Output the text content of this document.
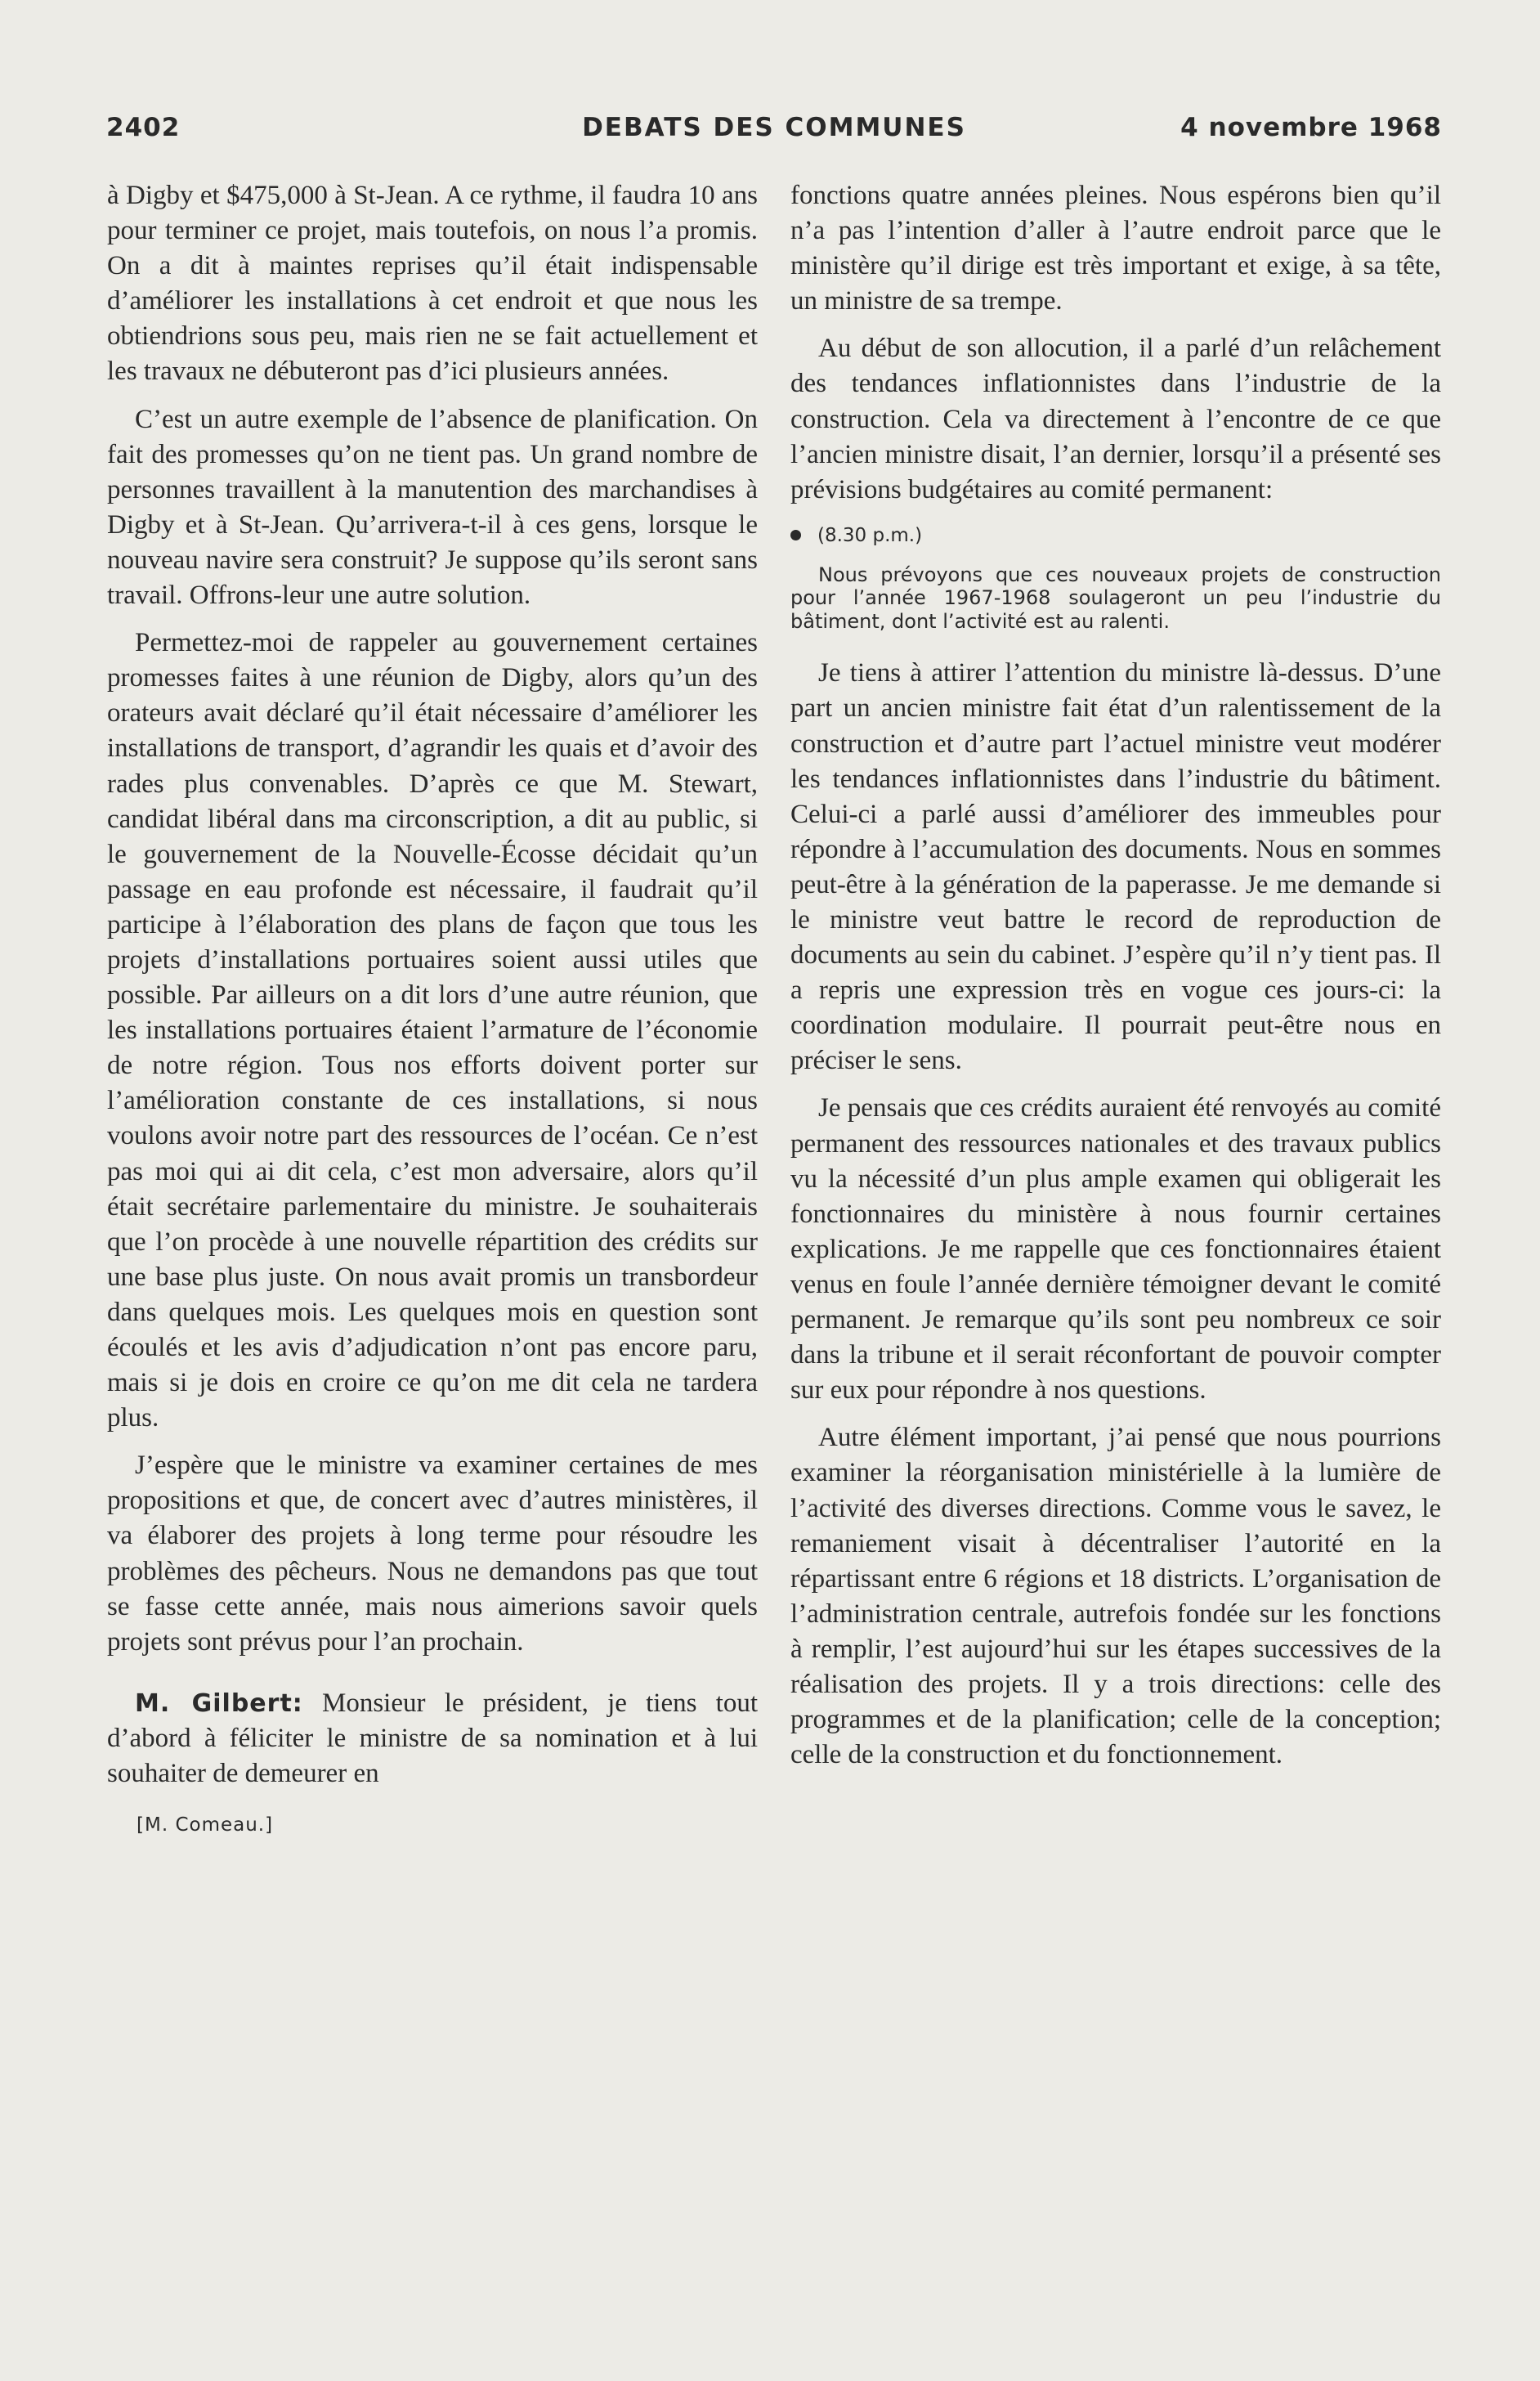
2402	DEBATS DES COMMUNES	4 novembre 1968

à Digby et $475,000 à St-Jean. A ce rythme, il faudra 10 ans pour terminer ce projet, mais toutefois, on nous l’a promis. On a dit à maintes reprises qu’il était indispensable d’améliorer les installations à cet endroit et que nous les obtiendrions sous peu, mais rien ne se fait actuellement et les travaux ne débuteront pas d’ici plusieurs années.

C’est un autre exemple de l’absence de planification. On fait des promesses qu’on ne tient pas. Un grand nombre de personnes travaillent à la manutention des marchandises à Digby et à St-Jean. Qu’arrivera-t-il à ces gens, lorsque le nouveau navire sera construit? Je suppose qu’ils seront sans travail. Offrons-leur une autre solution.

Permettez-moi de rappeler au gouvernement certaines promesses faites à une réunion de Digby, alors qu’un des orateurs avait déclaré qu’il était nécessaire d’améliorer les installations de transport, d’agrandir les quais et d’avoir des rades plus convenables. D’après ce que M. Stewart, candidat libéral dans ma circonscription, a dit au public, si le gouvernement de la Nouvelle-Écosse décidait qu’un passage en eau profonde est nécessaire, il faudrait qu’il participe à l’élaboration des plans de façon que tous les projets d’installations portuaires soient aussi utiles que possible. Par ailleurs on a dit lors d’une autre réunion, que les installations portuaires étaient l’armature de l’économie de notre région. Tous nos efforts doivent porter sur l’amélioration constante de ces installations, si nous voulons avoir notre part des ressources de l’océan. Ce n’est pas moi qui ai dit cela, c’est mon adversaire, alors qu’il était secrétaire parlementaire du ministre. Je souhaiterais que l’on procède à une nouvelle répartition des crédits sur une base plus juste. On nous avait promis un transbordeur dans quelques mois. Les quelques mois en question sont écoulés et les avis d’adjudication n’ont pas encore paru, mais si je dois en croire ce qu’on me dit cela ne tardera plus.

J’espère que le ministre va examiner certaines de mes propositions et que, de concert avec d’autres ministères, il va élaborer des projets à long terme pour résoudre les problèmes des pêcheurs. Nous ne demandons pas que tout se fasse cette année, mais nous aimerions savoir quels projets sont prévus pour l’an prochain.

M. Gilbert: Monsieur le président, je tiens tout d’abord à féliciter le ministre de sa nomination et à lui souhaiter de demeurer en

[M. Comeau.]

fonctions quatre années pleines. Nous espérons bien qu’il n’a pas l’intention d’aller à l’autre endroit parce que le ministère qu’il dirige est très important et exige, à sa tête, un ministre de sa trempe.

Au début de son allocution, il a parlé d’un relâchement des tendances inflationnistes dans l’industrie de la construction. Cela va directement à l’encontre de ce que l’ancien ministre disait, l’an dernier, lorsqu’il a présenté ses prévisions budgétaires au comité permanent:

(8.30 p.m.)
Nous prévoyons que ces nouveaux projets de construction pour l’année 1967-1968 soulageront un peu l’industrie du bâtiment, dont l’activité est au ralenti.

Je tiens à attirer l’attention du ministre là-dessus. D’une part un ancien ministre fait état d’un ralentissement de la construction et d’autre part l’actuel ministre veut modérer les tendances inflationnistes dans l’industrie du bâtiment. Celui-ci a parlé aussi d’améliorer des immeubles pour répondre à l’accumulation des documents. Nous en sommes peut-être à la génération de la paperasse. Je me demande si le ministre veut battre le record de reproduction de documents au sein du cabinet. J’espère qu’il n’y tient pas. Il a repris une expression très en vogue ces jours-ci: la coordination modulaire. Il pourrait peut-être nous en préciser le sens.

Je pensais que ces crédits auraient été renvoyés au comité permanent des ressources nationales et des travaux publics vu la nécessité d’un plus ample examen qui obligerait les fonctionnaires du ministère à nous fournir certaines explications. Je me rappelle que ces fonctionnaires étaient venus en foule l’année dernière témoigner devant le comité permanent. Je remarque qu’ils sont peu nombreux ce soir dans la tribune et il serait réconfortant de pouvoir compter sur eux pour répondre à nos questions.

Autre élément important, j’ai pensé que nous pourrions examiner la réorganisation ministérielle à la lumière de l’activité des diverses directions. Comme vous le savez, le remaniement visait à décentraliser l’autorité en la répartissant entre 6 régions et 18 districts. L’organisation de l’administration centrale, autrefois fondée sur les fonctions à remplir, l’est aujourd’hui sur les étapes successives de la réalisation des projets. Il y a trois directions: celle des programmes et de la planification; celle de la conception; celle de la construction et du fonctionnement.
